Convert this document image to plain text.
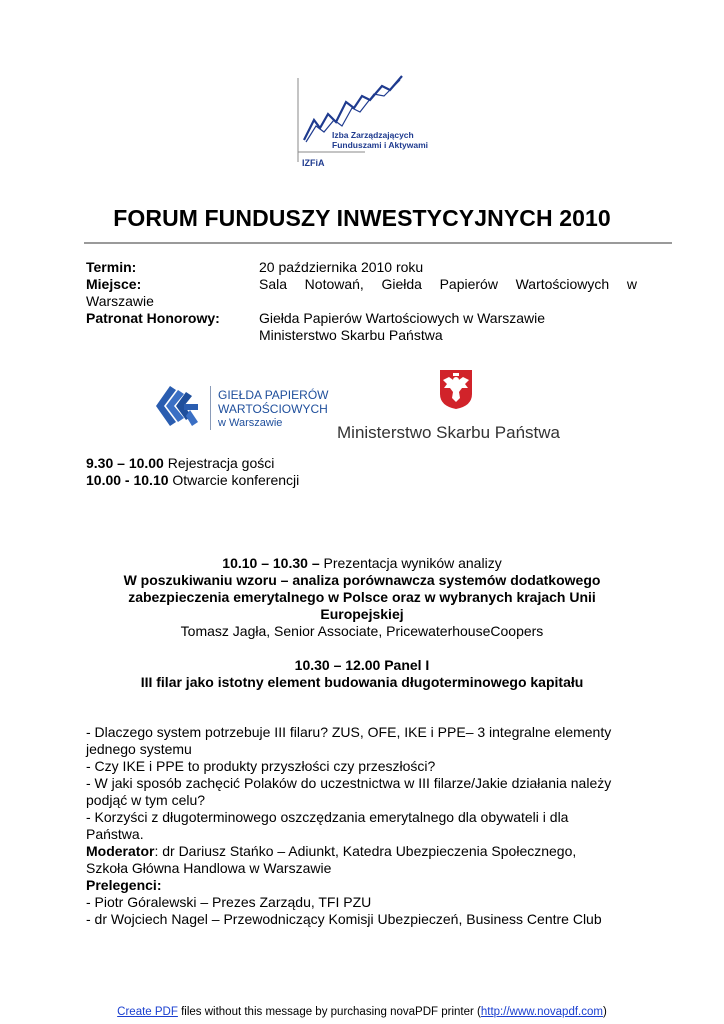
Izba Zarządzających
Funduszami i Aktywami
IZFiA
FORUM FUNDUSZY INWESTYCYJNYCH 2010
Termin:	20 października 2010 roku
Miejsce:	Sala Notowań, Giełda Papierów Wartościowych w
Warszawie
Patronat Honorowy:	Giełda Papierów Wartościowych w Warszawie
Ministerstwo Skarbu Państwa
GIEŁDA PAPIERÓW
WARTOŚCIOWYCH
w Warszawie	Ministerstwo Skarbu Państwa
9.30 – 10.00 Rejestracja gości
10.00 - 10.10 Otwarcie konferencji
10.10 – 10.30 – Prezentacja wyników analizy
W poszukiwaniu wzoru – analiza porównawcza systemów dodatkowego
zabezpieczenia emerytalnego w Polsce oraz w wybranych krajach Unii
Europejskiej
Tomasz Jagła, Senior Associate, PricewaterhouseCoopers
10.30 – 12.00 Panel I
III filar jako istotny element budowania długoterminowego kapitału
- Dlaczego system potrzebuje III filaru? ZUS, OFE, IKE i PPE– 3 integralne elementy
jednego systemu
- Czy IKE i PPE to produkty przyszłości czy przeszłości?
- W jaki sposób zachęcić Polaków do uczestnictwa w III filarze/Jakie działania należy
podjąć w tym celu?
- Korzyści z długoterminowego oszczędzania emerytalnego dla obywateli i dla
Państwa.
Moderator: dr Dariusz Stańko – Adiunkt, Katedra Ubezpieczenia Społecznego,
Szkoła Główna Handlowa w Warszawie
Prelegenci:
- Piotr Góralewski – Prezes Zarządu, TFI PZU
- dr Wojciech Nagel – Przewodniczący Komisji Ubezpieczeń, Business Centre Club
Create PDF files without this message by purchasing novaPDF printer (http://www.novapdf.com)
